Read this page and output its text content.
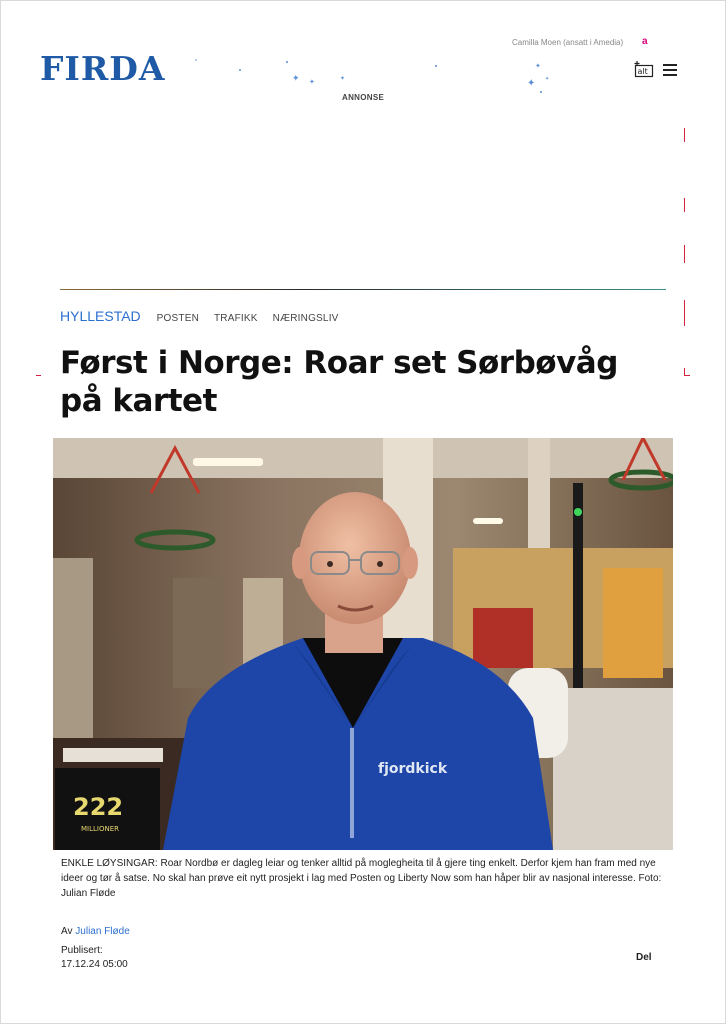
FIRDA	✦ ✦	✦
✦
✦ ✦
Camilla Moen (ansatt i Amedia) a
alt
ANNONSE
HYLLESTAD POSTEN TRAFIKK NÆRINGSLIV
Først i Norge: Roar set Sørbøvåg på kartet
222
MILLIONER
fjordkick
ENKLE LØYSINGAR: Roar Nordbø er dagleg leiar og tenker alltid på moglegheita til å gjere ting enkelt. Derfor kjem han fram med nye ideer og tør å satse. No skal han prøve eit nytt prosjekt i lag med Posten og Liberty Now som han håper blir av nasjonal interesse. Foto: Julian Fløde
Av Julian Fløde
Publisert:
17.12.24 05:00
Del
